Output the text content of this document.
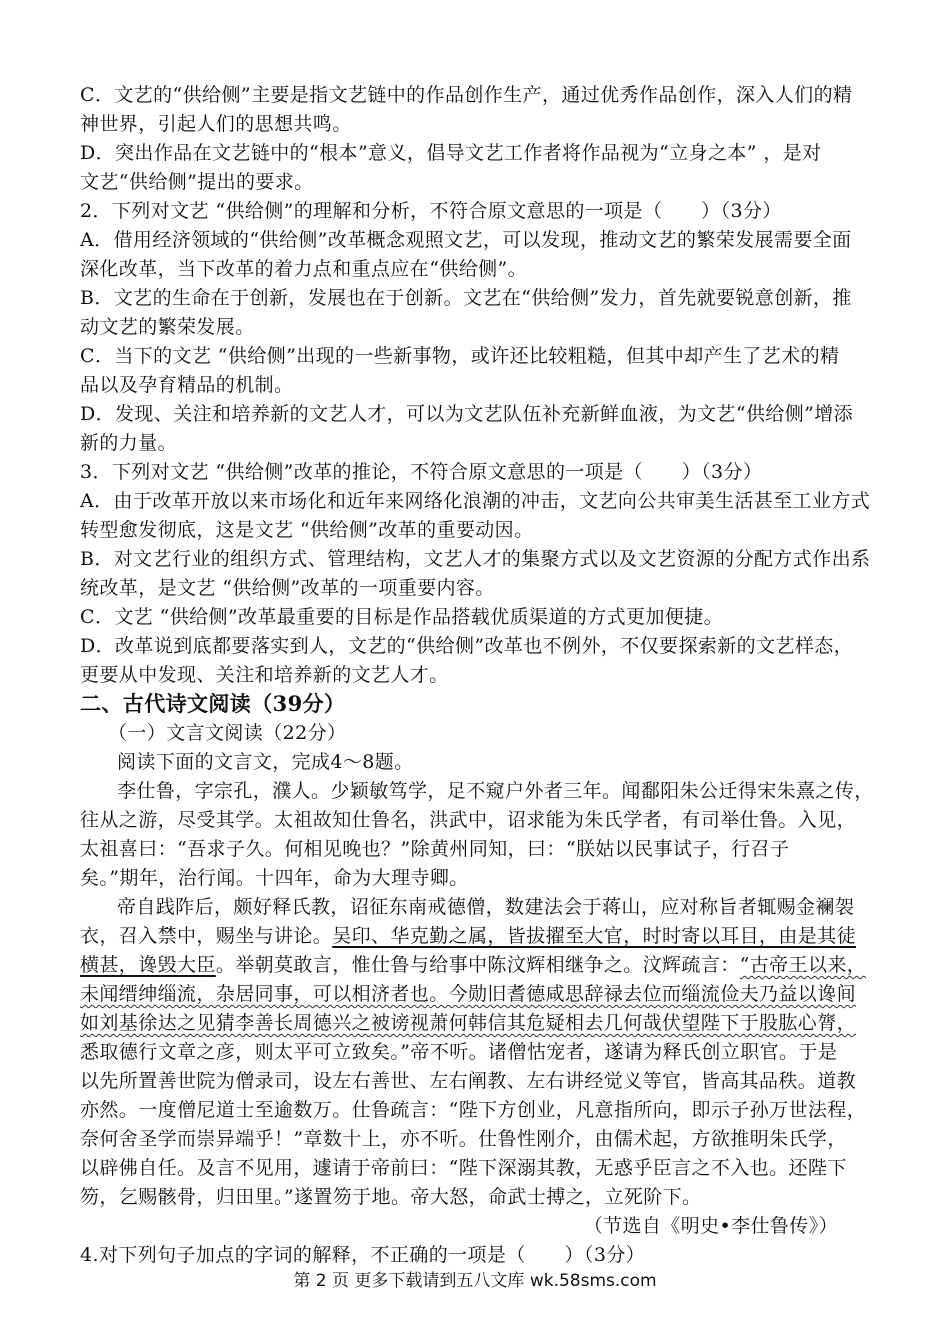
C．文艺的“供给侧”主要是指文艺链中的作品创作生产，通过优秀作品创作，深入人们的精
神世界，引起人们的思想共鸣。
D．突出作品在文艺链中的“根本”意义，倡导文艺工作者将作品视为“立身之本” ，是对
文艺“供给侧”提出的要求。
2．下列对文艺 “供给侧”的理解和分析，不符合原文意思的一项是（　　）（3分）
A．借用经济领域的“供给侧”改革概念观照文艺，可以发现，推动文艺的繁荣发展需要全面
深化改革，当下改革的着力点和重点应在“供给侧”。
B．文艺的生命在于创新，发展也在于创新。文艺在“供给侧”发力，首先就要锐意创新，推
动文艺的繁荣发展。
C．当下的文艺 “供给侧”出现的一些新事物，或许还比较粗糙，但其中却产生了艺术的精
品以及孕育精品的机制。
D．发现、关注和培养新的文艺人才，可以为文艺队伍补充新鲜血液，为文艺“供给侧”增添
新的力量。
3．下列对文艺 “供给侧”改革的推论，不符合原文意思的一项是（　　）（3分）
A．由于改革开放以来市场化和近年来网络化浪潮的冲击，文艺向公共审美生活甚至工业方式
转型愈发彻底，这是文艺 “供给侧”改革的重要动因。
B．对文艺行业的组织方式、管理结构，文艺人才的集聚方式以及文艺资源的分配方式作出系
统改革，是文艺 “供给侧”改革的一项重要内容。
C．文艺 “供给侧”改革最重要的目标是作品搭载优质渠道的方式更加便捷。
D．改革说到底都要落实到人，文艺的“供给侧”改革也不例外，不仅要探索新的文艺样态，
更要从中发现、关注和培养新的文艺人才。
二、古代诗文阅读（39分）
（一）文言文阅读（22分）
阅读下面的文言文，完成4～8题。
李仕鲁，字宗孔，濮人。少颖敏笃学，足不窥户外者三年。闻鄱阳朱公迁得宋朱熹之传，
往从之游，尽受其学。太祖故知仕鲁名，洪武中，诏求能为朱氏学者，有司举仕鲁。入见，
太祖喜曰：“吾求子久。何相见晚也？”除黄州同知，曰：“朕姑以民事试子，行召子
矣。”期年，治行闻。十四年，命为大理寺卿。
帝自践阼后，颇好释氏教，诏征东南戒德僧，数建法会于蒋山，应对称旨者辄赐金襕袈
衣，召入禁中，赐坐与讲论。吴印、华克勤之属，皆拔擢至大官，时时寄以耳目，由是其徒
横甚，谗毁大臣。举朝莫敢言，惟仕鲁与给事中陈汶辉相继争之。汶辉疏言：“古帝王以来，
未闻缙绅缁流，杂居同事，可以相济者也。今勋旧耆德咸思辞禄去位而缁流俭夫乃益以谗间
如刘基徐达之见猜李善长周德兴之被谤视萧何韩信其危疑相去几何哉伏望陛下于股肱心膂，
悉取德行文章之彦，则太平可立致矣。”帝不听。诸僧怙宠者，遂请为释氏创立职官。于是
以先所置善世院为僧录司，设左右善世、左右阐教、左右讲经觉义等官，皆高其品秩。道教
亦然。一度僧尼道士至逾数万。仕鲁疏言：“陛下方创业，凡意指所向，即示子孙万世法程，
奈何舍圣学而崇异端乎！”章数十上，亦不听。仕鲁性刚介，由儒术起，方欲推明朱氏学，
以辟佛自任。及言不见用，遽请于帝前曰：“陛下深溺其教，无惑乎臣言之不入也。还陛下
笏，乞赐骸骨，归田里。”遂置笏于地。帝大怒，命武士搏之，立死阶下。
（节选自《明史•李仕鲁传》）
4.对下列句子加点的字词的解释，不正确的一项是（　　）（3分）
第 2 页 更多下载请到五八文库 wk.58sms.com
